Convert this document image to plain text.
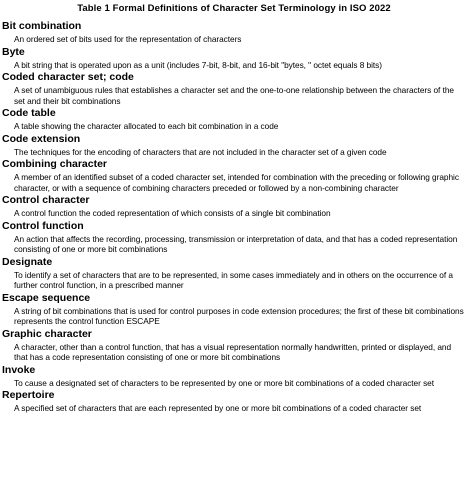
Table 1 Formal Definitions of Character Set Terminology in ISO 2022
Bit combination
An ordered set of bits used for the representation of characters
Byte
A bit string that is operated upon as a unit (includes 7-bit, 8-bit, and 16-bit "bytes, " octet equals 8 bits)
Coded character set; code
A set of unambiguous rules that establishes a character set and the one-to-one relationship between the characters of the set and their bit combinations
Code table
A table showing the character allocated to each bit combination in a code
Code extension
The techniques for the encoding of characters that are not included in the character set of a given code
Combining character
A member of an identified subset of a coded character set, intended for combination with the preceding or following graphic character, or with a sequence of combining characters preceded or followed by a non-combining character
Control character
A control function the coded representation of which consists of a single bit combination
Control function
An action that affects the recording, processing, transmission or interpretation of data, and that has a coded representation consisting of one or more bit combinations
Designate
To identify a set of characters that are to be represented, in some cases immediately and in others on the occurrence of a further control function, in a prescribed manner
Escape sequence
A string of bit combinations that is used for control purposes in code extension procedures; the first of these bit combinations represents the control function ESCAPE
Graphic character
A character, other than a control function, that has a visual representation normally handwritten, printed or displayed, and that has a code representation consisting of one or more bit combinations
Invoke
To cause a designated set of characters to be represented by one or more bit combinations of a coded character set
Repertoire
A specified set of characters that are each represented by one or more bit combinations of a coded character set
